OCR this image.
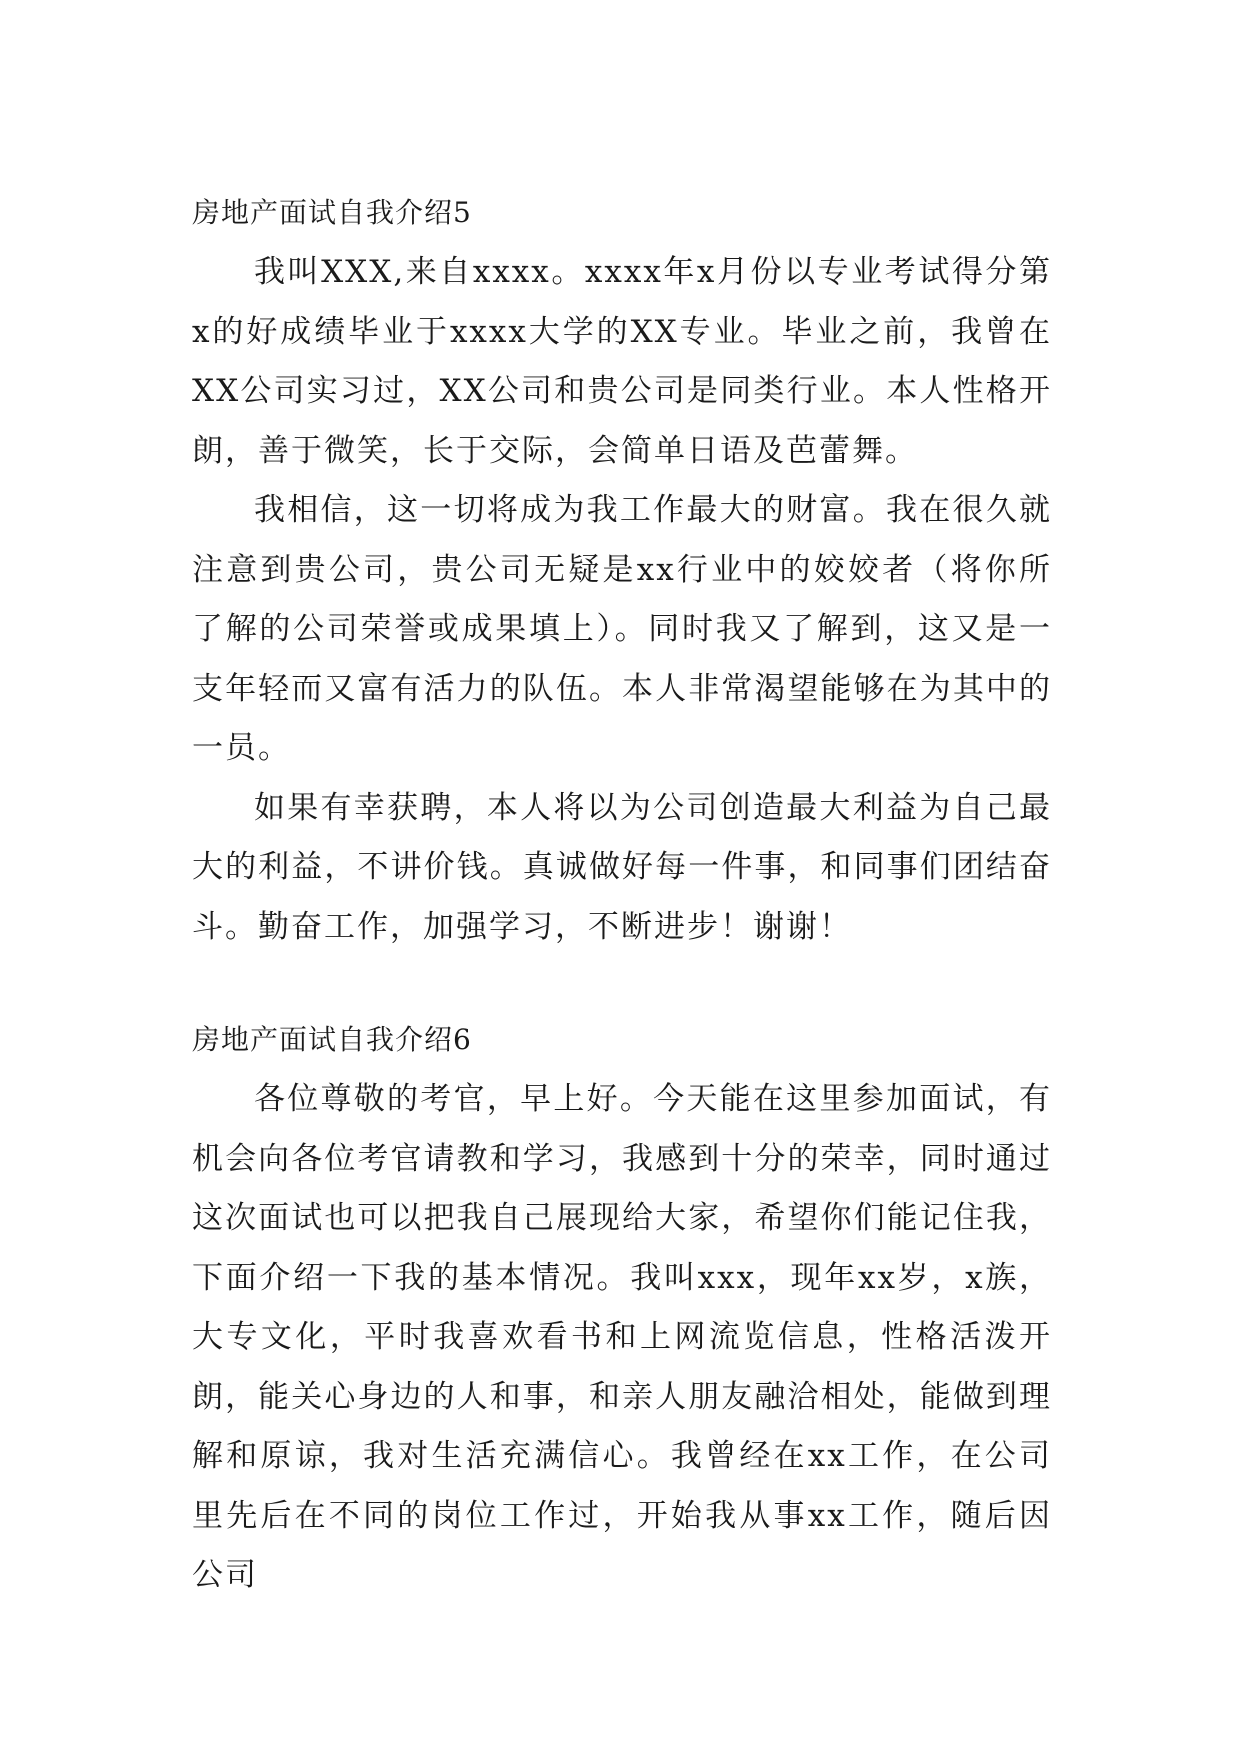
房地产面试自我介绍5

我叫XXX,来自xxxx。xxxx年x月份以专业考试得分第x的好成绩毕业于xxxx大学的XX专业。毕业之前，我曾在XX公司实习过，XX公司和贵公司是同类行业。本人性格开朗，善于微笑，长于交际，会简单日语及芭蕾舞。

我相信，这一切将成为我工作最大的财富。我在很久就注意到贵公司，贵公司无疑是xx行业中的姣姣者（将你所了解的公司荣誉或成果填上）。同时我又了解到，这又是一支年轻而又富有活力的队伍。本人非常渴望能够在为其中的一员。

如果有幸获聘，本人将以为公司创造最大利益为自己最大的利益，不讲价钱。真诚做好每一件事，和同事们团结奋斗。勤奋工作，加强学习，不断进步！谢谢！

房地产面试自我介绍6

各位尊敬的考官，早上好。今天能在这里参加面试，有机会向各位考官请教和学习，我感到十分的荣幸，同时通过这次面试也可以把我自己展现给大家，希望你们能记住我，下面介绍一下我的基本情况。我叫xxx，现年xx岁，x族，大专文化，平时我喜欢看书和上网流览信息，性格活泼开朗，能关心身边的人和事，和亲人朋友融洽相处，能做到理解和原谅，我对生活充满信心。我曾经在xx工作，在公司里先后在不同的岗位工作过，开始我从事xx工作，随后因公司
